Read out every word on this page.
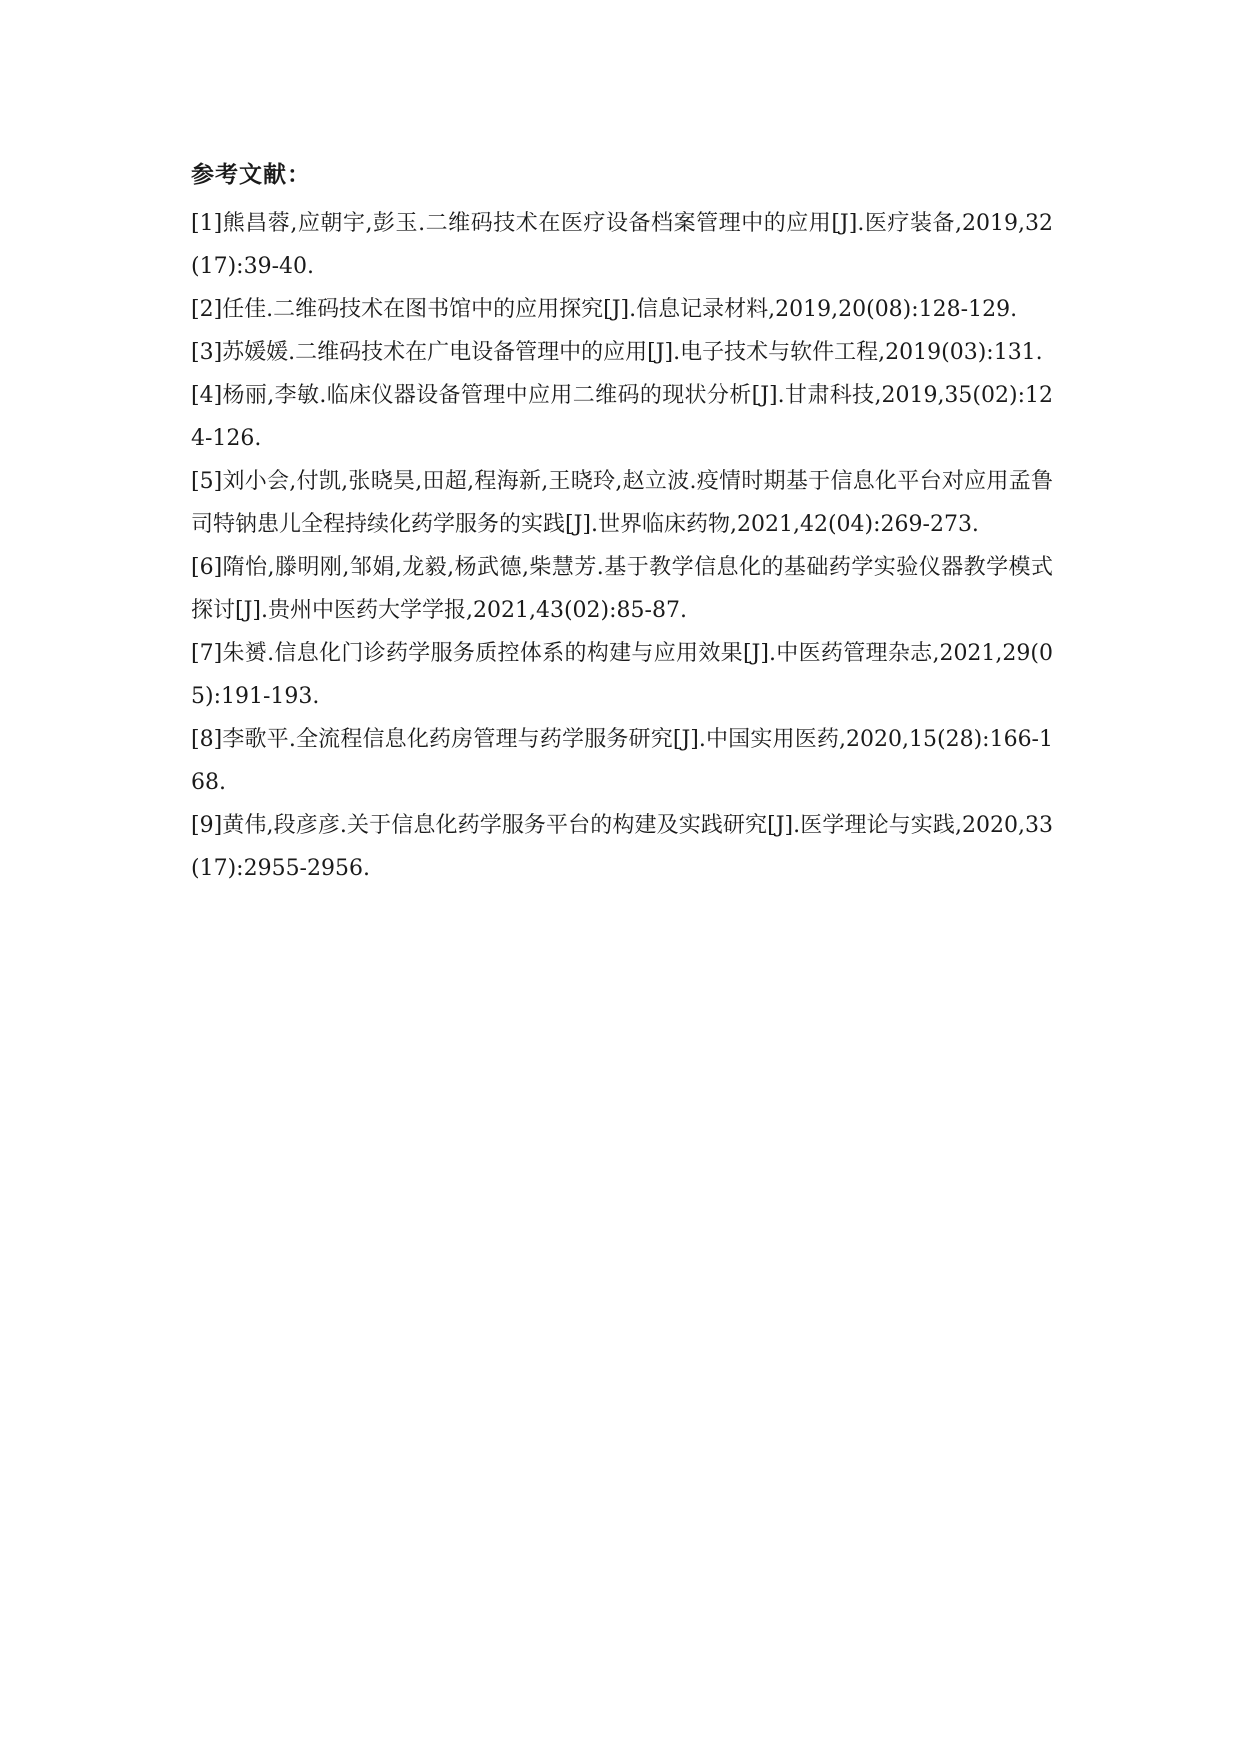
参考文献：

[1]熊昌蓉,应朝宇,彭玉.二维码技术在医疗设备档案管理中的应用[J].医疗装备,2019,32(17):39-40.

[2]任佳.二维码技术在图书馆中的应用探究[J].信息记录材料,2019,20(08):128-129.

[3]苏媛媛.二维码技术在广电设备管理中的应用[J].电子技术与软件工程,2019(03):131.

[4]杨丽,李敏.临床仪器设备管理中应用二维码的现状分析[J].甘肃科技,2019,35(02):124-126.

[5]刘小会,付凯,张晓昊,田超,程海新,王晓玲,赵立波.疫情时期基于信息化平台对应用孟鲁司特钠患儿全程持续化药学服务的实践[J].世界临床药物,2021,42(04):269-273.

[6]隋怡,滕明刚,邹娟,龙毅,杨武德,柴慧芳.基于教学信息化的基础药学实验仪器教学模式探讨[J].贵州中医药大学学报,2021,43(02):85-87.

[7]朱赟.信息化门诊药学服务质控体系的构建与应用效果[J].中医药管理杂志,2021,29(05):191-193.

[8]李歌平.全流程信息化药房管理与药学服务研究[J].中国实用医药,2020,15(28):166-168.

[9]黄伟,段彦彦.关于信息化药学服务平台的构建及实践研究[J].医学理论与实践,2020,33(17):2955-2956.
